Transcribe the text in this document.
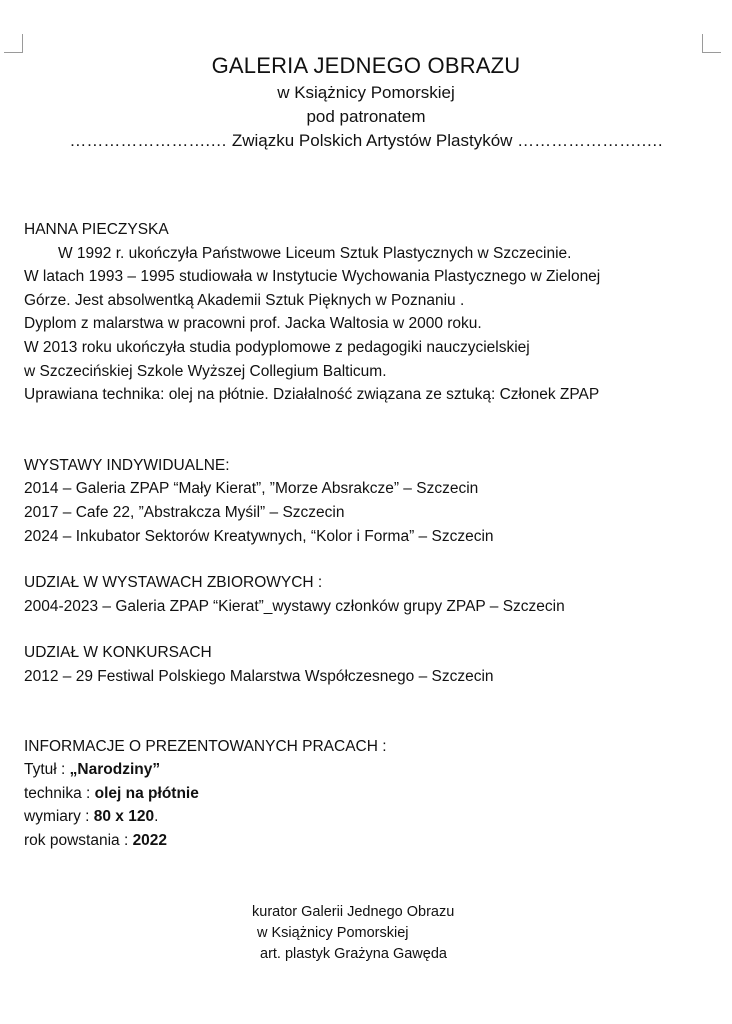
GALERIA JEDNEGO OBRAZU
w Książnicy Pomorskiej
pod patronatem
…………………….… Związku Polskich Artystów Plastyków ………………….….
HANNA PIECZYSKA
W 1992 r. ukończyła Państwowe Liceum Sztuk Plastycznych w Szczecinie.
W latach 1993 – 1995 studiowała w Instytucie Wychowania Plastycznego w Zielonej
Górze. Jest absolwentką Akademii Sztuk Pięknych w Poznaniu .
Dyplom z malarstwa w pracowni prof. Jacka Waltosia w 2000 roku.
W 2013 roku ukończyła studia podyplomowe z pedagogiki nauczycielskiej
w Szczecińskiej Szkole Wyższej Collegium Balticum.
Uprawiana technika: olej na płótnie. Działalność związana ze sztuką: Członek ZPAP
WYSTAWY INDYWIDUALNE:
2014 – Galeria ZPAP “Mały Kierat”, ”Morze Absrakcze” – Szczecin
2017 – Cafe 22, ”Abstrakcza Myśil” – Szczecin
2024 – Inkubator Sektorów Kreatywnych, “Kolor i Forma” – Szczecin
UDZIAŁ W WYSTAWACH ZBIOROWYCH :
2004-2023 – Galeria ZPAP “Kierat”_wystawy członków grupy ZPAP – Szczecin
UDZIAŁ W KONKURSACH
2012 – 29 Festiwal Polskiego Malarstwa Współczesnego – Szczecin
INFORMACJE O PREZENTOWANYCH PRACACH :
Tytuł : „Narodziny”
technika : olej na płótnie
wymiary : 80 x 120.
rok powstania : 2022
kurator Galerii Jednego Obrazu
w Książnicy Pomorskiej
art. plastyk Grażyna Gawęda
